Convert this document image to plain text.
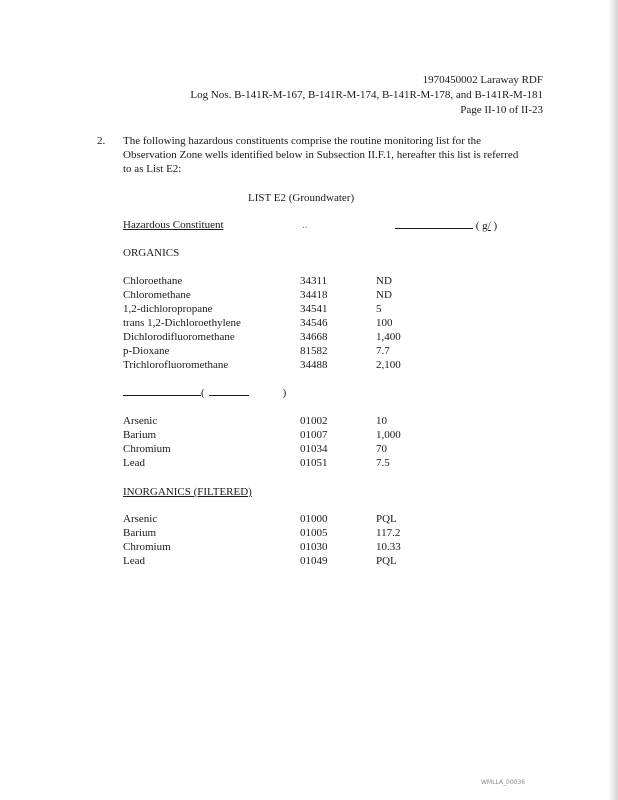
1970450002 Laraway RDF
Log Nos. B-141R-M-167, B-141R-M-174, B-141R-M-178, and B-141R-M-181
Page II-10 of II-23
2. The following hazardous constituents comprise the routine monitoring list for the Observation Zone wells identified below in Subsection II.F.1, hereafter this list is referred to as List E2:
LIST E2 (Groundwater)
Hazardous Constituent	..	( g/ )
ORGANICS
Chloroethane	34311	ND
Chloromethane	34418	ND
1,2-dichloropropane	34541	5
trans 1,2-Dichloroethylene	34546	100
Dichlorodifluoromethane	34668	1,400
p-Dioxane	81582	7.7
Trichlorofluoromethane	34488	2,100
(	)
Arsenic	01002	10
Barium	01007	1,000
Chromium	01034	70
Lead	01051	7.5
INORGANICS (FILTERED)
Arsenic	01000	PQL
Barium	01005	117.2
Chromium	01030	10.33
Lead	01049	PQL
WMLLA_00036
